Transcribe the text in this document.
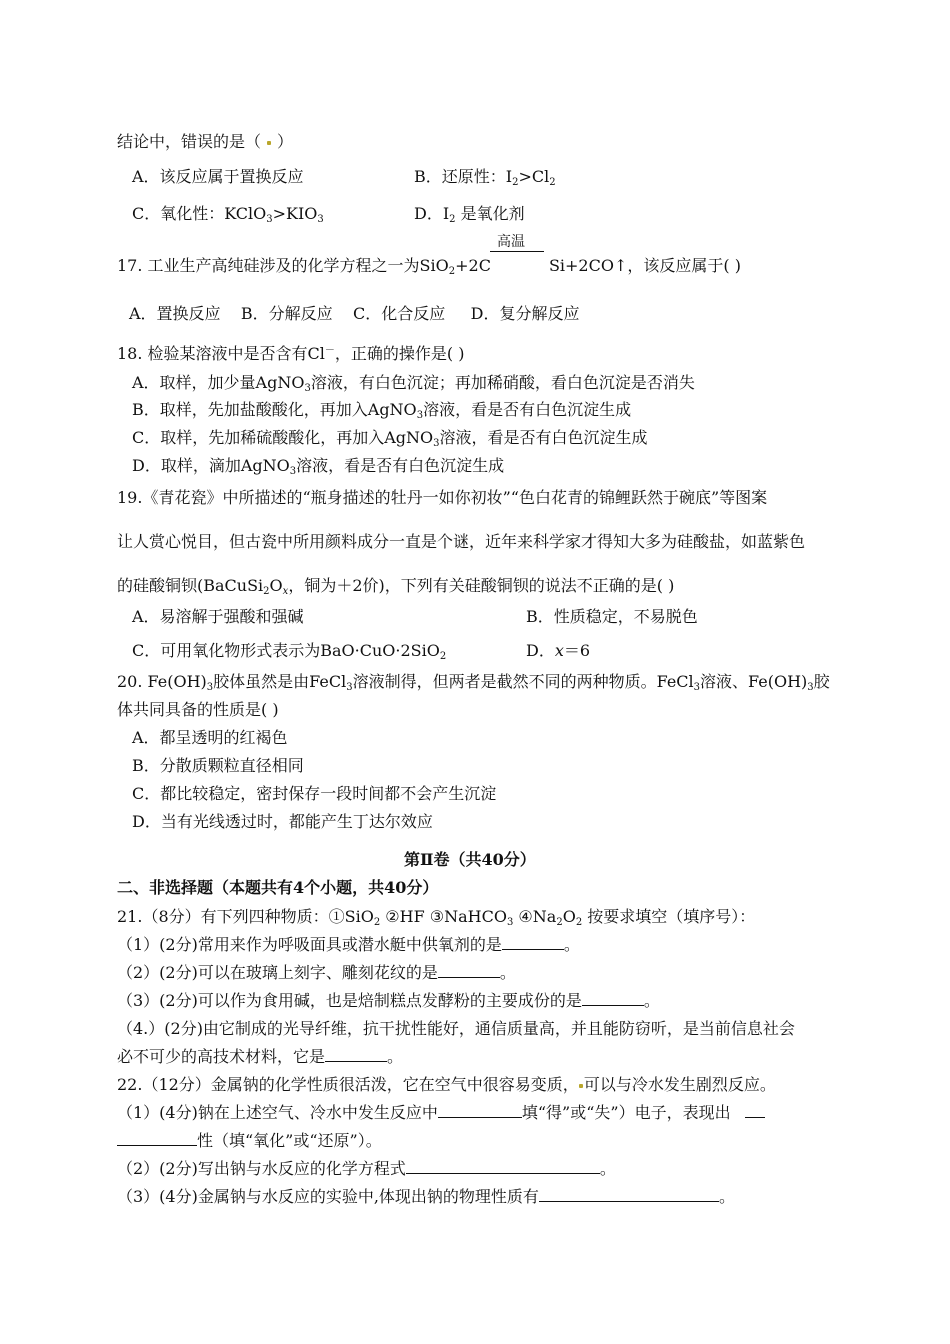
结论中，错误的是（ ）
A．该反应属于置换反应	B．还原性：$I_2>Cl_2$
C．氧化性：$KClO_3>KIO_3$	D．$I_2$ 是氧化剂
高温
17. 工业生产高纯硅涉及的化学方程之一为SiO$_2$+2C	Si+2CO↑，该反应属于( )
A．置换反应    B．分解反应    C．化合反应     D．复分解反应
18. 检验某溶液中是否含有Cl－，正确的操作是( )
A．取样，加少量AgNO$_3$溶液，有白色沉淀；再加稀硝酸，看白色沉淀是否消失
B．取样，先加盐酸酸化，再加入AgNO$_3$溶液，看是否有白色沉淀生成
C．取样，先加稀硫酸酸化，再加入AgNO$_3$溶液，看是否有白色沉淀生成
D．取样，滴加AgNO$_3$溶液，看是否有白色沉淀生成
19.《青花瓷》中所描述的“瓶身描述的牡丹一如你初妆”“色白花青的锦鲤跃然于碗底”等图案
让人赏心悦目，但古瓷中所用颜料成分一直是个谜，近年来科学家才得知大多为硅酸盐，如蓝紫色
的硅酸铜钡($BaCuSi_2O_x$，铜为＋2价)，下列有关硅酸铜钡的说法不正确的是( )
A．易溶解于强酸和强碱	B．性质稳定，不易脱色
C．可用氧化物形式表示为BaO·CuO·2SiO$_2$	D．x＝6
20. $Fe(OH)_3$胶体虽然是由FeCl$_3$溶液制得，但两者是截然不同的两种物质。FeCl$_3$溶液、$Fe(OH)_3$胶
体共同具备的性质是( )
A．都呈透明的红褐色
B．分散质颗粒直径相同
C．都比较稳定，密封保存一段时间都不会产生沉淀
D．当有光线透过时，都能产生丁达尔效应
第Ⅱ卷（共40分）
二、非选择题（本题共有4个小题，共40分）
21.（8分）有下列四种物质：①SiO$_2$ ②HF ③NaHCO$_3$ $④Na_2O_2$ 按要求填空（填序号）：
（1）(2分)常用来作为呼吸面具或潜水艇中供氧剂的是	。
（2）(2分)可以在玻璃上刻字、雕刻花纹的是	。
（3）(2分)可以作为食用碱，也是焙制糕点发酵粉的主要成份的是	。
（4.）(2分)由它制成的光导纤维，抗干扰性能好，通信质量高，并且能防窃听，是当前信息社会
必不可少的高技术材料，它是	。
22.（12分）金属钠的化学性质很活泼，它在空气中很容易变质， 可以与冷水发生剧烈反应。
（1）(4分)钠在上述空气、冷水中发生反应中	填“得”或“失”）电子，表现出
性（填“氧化”或“还原”）。
（2）(2分)写出钠与水反应的化学方程式	。
（3）(4分)金属钠与水反应的实验中,体现出钠的物理性质有	。
